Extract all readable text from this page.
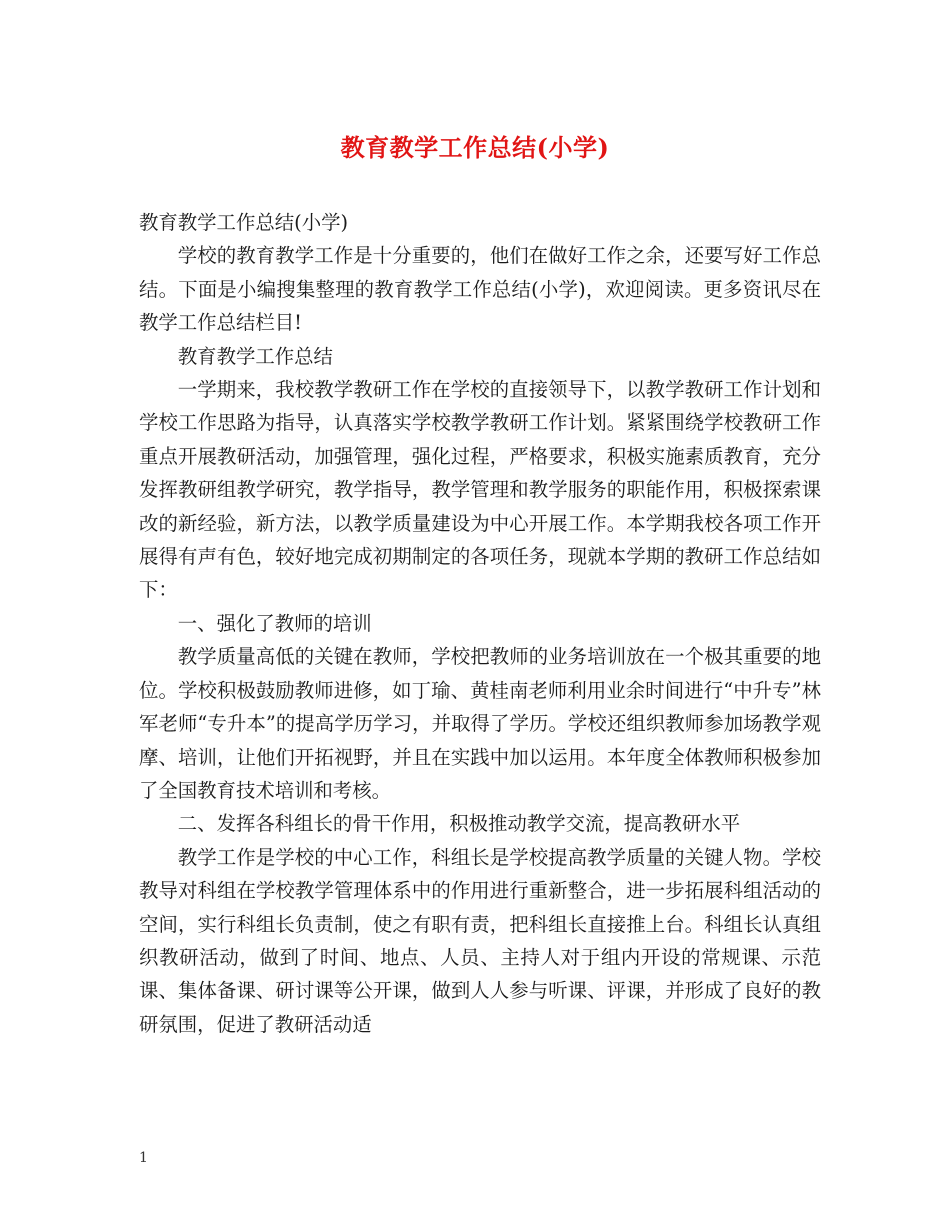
教育教学工作总结(小学)

教育教学工作总结(小学)

学校的教育教学工作是十分重要的，他们在做好工作之余，还要写好工作总结。下面是小编搜集整理的教育教学工作总结(小学)，欢迎阅读。更多资讯尽在教学工作总结栏目!

教育教学工作总结

一学期来，我校教学教研工作在学校的直接领导下，以教学教研工作计划和学校工作思路为指导，认真落实学校教学教研工作计划。紧紧围绕学校教研工作重点开展教研活动，加强管理，强化过程，严格要求，积极实施素质教育，充分发挥教研组教学研究，教学指导，教学管理和教学服务的职能作用，积极探索课改的新经验，新方法，以教学质量建设为中心开展工作。本学期我校各项工作开展得有声有色，较好地完成初期制定的各项任务，现就本学期的教研工作总结如下：

一、强化了教师的培训

教学质量高低的关键在教师，学校把教师的业务培训放在一个极其重要的地位。学校积极鼓励教师进修，如丁瑜、黄桂南老师利用业余时间进行“中升专”林军老师“专升本”的提高学历学习，并取得了学历。学校还组织教师参加场教学观摩、培训，让他们开拓视野，并且在实践中加以运用。本年度全体教师积极参加了全国教育技术培训和考核。

二、发挥各科组长的骨干作用，积极推动教学交流，提高教研水平

教学工作是学校的中心工作，科组长是学校提高教学质量的关键人物。学校教导对科组在学校教学管理体系中的作用进行重新整合，进一步拓展科组活动的空间，实行科组长负责制，使之有职有责，把科组长直接推上台。科组长认真组织教研活动，做到了时间、地点、人员、主持人对于组内开设的常规课、示范课、集体备课、研讨课等公开课，做到人人参与听课、评课，并形成了良好的教研氛围，促进了教研活动适

1
